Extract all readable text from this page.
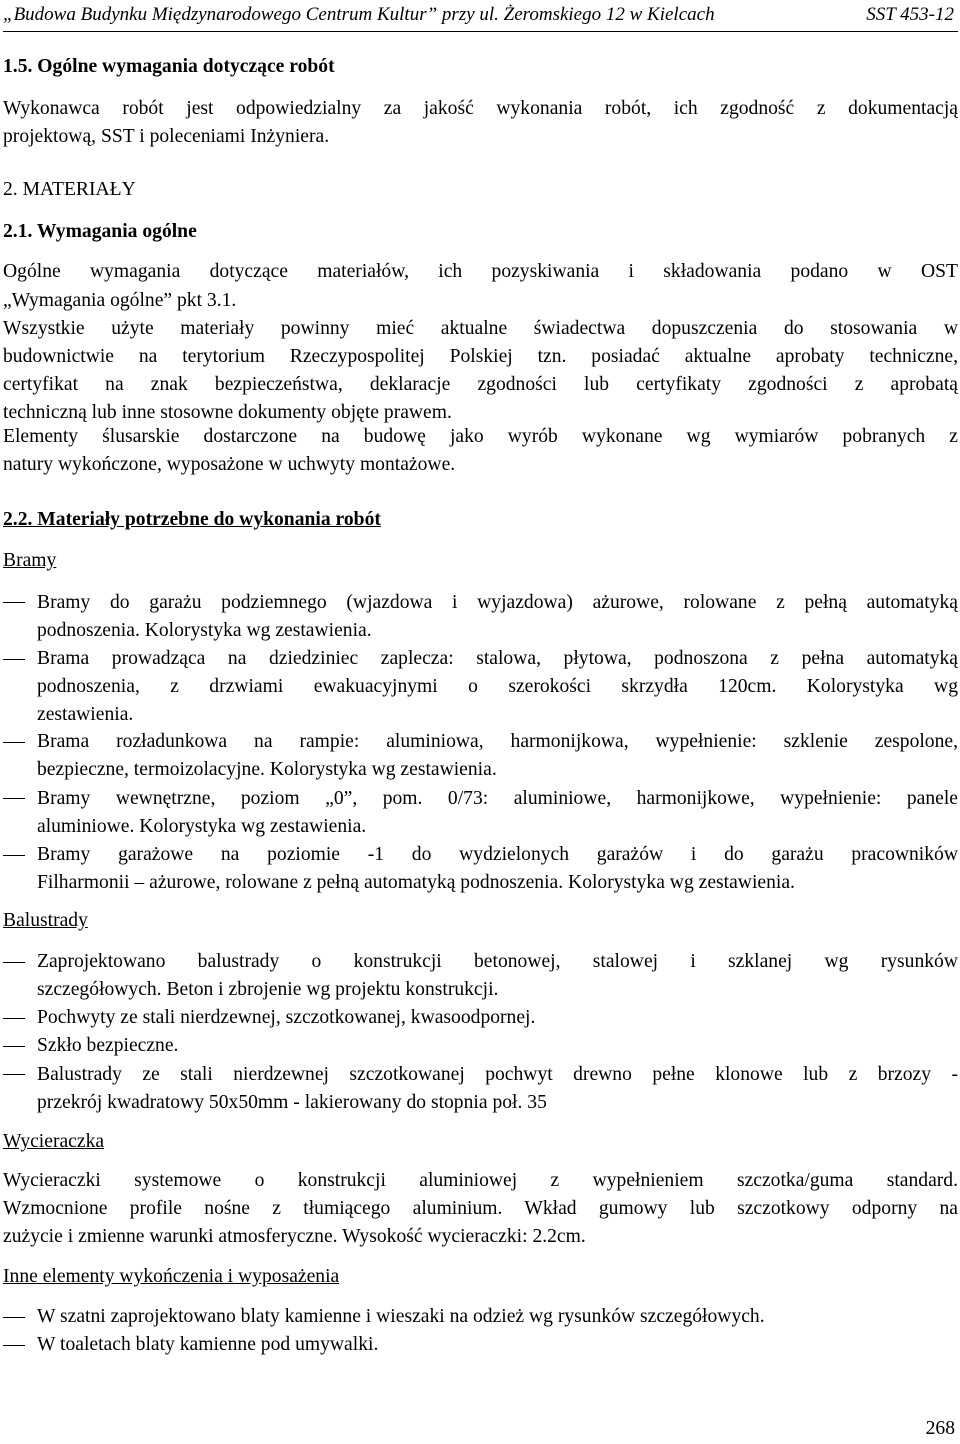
„Budowa Budynku Międzynarodowego Centrum Kultur” przy ul. Żeromskiego 12 w Kielcach	SST 453-12
1.5. Ogólne wymagania dotyczące robót
Wykonawca robót jest odpowiedzialny za jakość wykonania robót, ich zgodność z dokumentacją
projektową, SST i poleceniami Inżyniera.
2. MATERIAŁY
2.1. Wymagania ogólne
Ogólne wymagania dotyczące materiałów, ich pozyskiwania i składowania podano w OST
„Wymagania ogólne” pkt 3.1.
Wszystkie użyte materiały powinny mieć aktualne świadectwa dopuszczenia do stosowania w
budownictwie na terytorium Rzeczypospolitej Polskiej tzn. posiadać aktualne aprobaty techniczne,
certyfikat na znak bezpieczeństwa, deklaracje zgodności lub certyfikaty zgodności z aprobatą
techniczną lub inne stosowne dokumenty objęte prawem.
Elementy ślusarskie dostarczone na budowę jako wyrób wykonane wg wymiarów pobranych z
natury wykończone, wyposażone w uchwyty montażowe.
2.2. Materiały potrzebne do wykonania robót
Bramy
Bramy do garażu podziemnego (wjazdowa i wyjazdowa) ażurowe, rolowane z pełną automatyką
podnoszenia. Kolorystyka wg zestawienia.
Brama prowadząca na dziedziniec zaplecza: stalowa, płytowa, podnoszona z pełna automatyką
podnoszenia, z drzwiami ewakuacyjnymi o szerokości skrzydła 120cm. Kolorystyka wg
zestawienia.
Brama rozładunkowa na rampie: aluminiowa, harmonijkowa, wypełnienie: szklenie zespolone,
bezpieczne, termoizolacyjne. Kolorystyka wg zestawienia.
Bramy wewnętrzne, poziom „0”, pom. 0/73: aluminiowe, harmonijkowe, wypełnienie: panele
aluminiowe. Kolorystyka wg zestawienia.
Bramy garażowe na poziomie -1 do wydzielonych garażów i do garażu pracowników
Filharmonii – ażurowe, rolowane z pełną automatyką podnoszenia. Kolorystyka wg zestawienia.
Balustrady
Zaprojektowano balustrady o konstrukcji betonowej, stalowej i szklanej wg rysunków
szczegółowych. Beton i zbrojenie wg projektu konstrukcji.
Pochwyty ze stali nierdzewnej, szczotkowanej, kwasoodpornej.
Szkło bezpieczne.
Balustrady ze stali nierdzewnej szczotkowanej pochwyt drewno pełne klonowe lub z brzozy -
przekrój kwadratowy 50x50mm - lakierowany do stopnia poł. 35
Wycieraczka
Wycieraczki systemowe o konstrukcji aluminiowej z wypełnieniem szczotka/guma standard.
Wzmocnione profile nośne z tłumiącego aluminium. Wkład gumowy lub szczotkowy odporny na
zużycie i zmienne warunki atmosferyczne. Wysokość wycieraczki: 2.2cm.
Inne elementy wykończenia i wyposażenia
W szatni zaprojektowano blaty kamienne i wieszaki na odzież wg rysunków szczegółowych.
W toaletach blaty kamienne pod umywalki.
268
